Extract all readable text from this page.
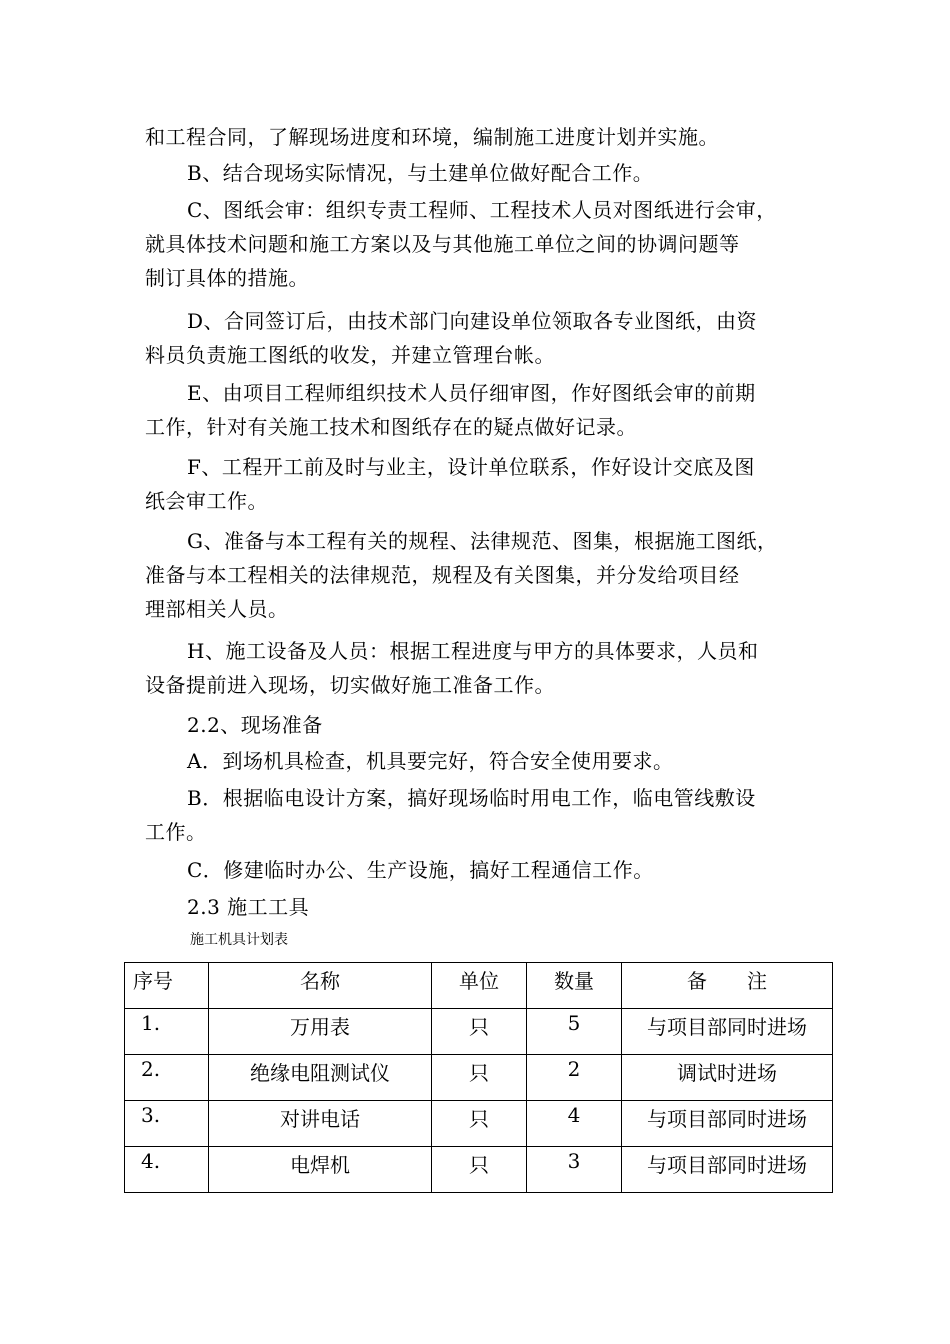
和工程合同，了解现场进度和环境，编制施工进度计划并实施。

B、结合现场实际情况，与土建单位做好配合工作。

C、图纸会审：组织专责工程师、工程技术人员对图纸进行会审，
就具体技术问题和施工方案以及与其他施工单位之间的协调问题等
制订具体的措施。

D、合同签订后，由技术部门向建设单位领取各专业图纸，由资
料员负责施工图纸的收发，并建立管理台帐。

E、由项目工程师组织技术人员仔细审图，作好图纸会审的前期
工作，针对有关施工技术和图纸存在的疑点做好记录。

F、工程开工前及时与业主，设计单位联系，作好设计交底及图
纸会审工作。

G、准备与本工程有关的规程、法律规范、图集，根据施工图纸，
准备与本工程相关的法律规范，规程及有关图集，并分发给项目经
理部相关人员。

H、施工设备及人员：根据工程进度与甲方的具体要求，人员和
设备提前进入现场，切实做好施工准备工作。

2.2、现场准备

A．到场机具检查，机具要完好，符合安全使用要求。

B．根据临电设计方案，搞好现场临时用电工作，临电管线敷设
工作。

C．修建临时办公、生产设施，搞好工程通信工作。

2.3 施工工具

施工机具计划表

序号	名称	单位	数量	备　　注
1.	万用表	只	5	与项目部同时进场
2.	绝缘电阻测试仪	只	2	调试时进场
3.	对讲电话	只	4	与项目部同时进场
4.	电焊机	只	3	与项目部同时进场
